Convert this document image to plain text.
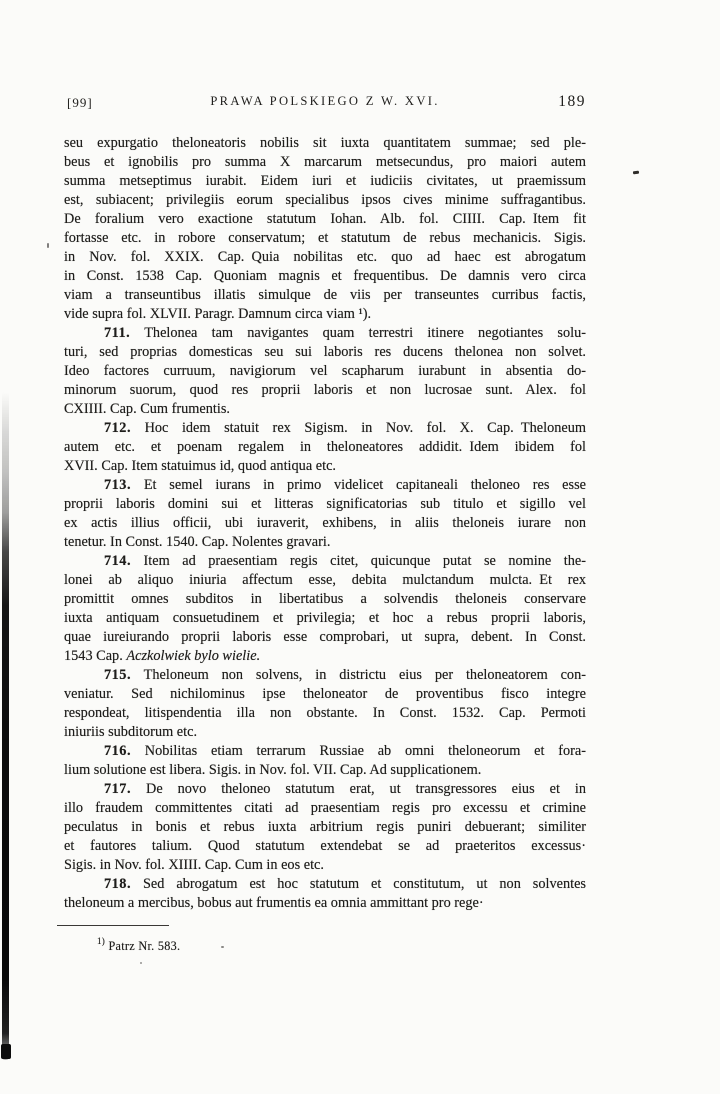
[99]	PRAWA POLSKIEGO Z W. XVI.	189
seu expurgatio theloneatoris nobilis sit iuxta quantitatem summae; sed ple-
beus et ignobilis pro summa X marcarum metsecundus, pro maiori autem
summa metseptimus iurabit. Eidem iuri et iudiciis civitates, ut praemissum
est, subiacent; privilegiis eorum specialibus ipsos cives minime suffragantibus.
De foralium vero exactione statutum Iohan. Alb. fol. CIIII. Cap. Item fit
fortasse etc. in robore conservatum; et statutum de rebus mechanicis. Sigis.
in Nov. fol. XXIX. Cap. Quia nobilitas etc. quo ad haec est abrogatum
in Const. 1538 Cap. Quoniam magnis et frequentibus. De damnis vero circa
viam a transeuntibus illatis simulque de viis per transeuntes curribus factis,
vide supra fol. XLVII. Paragr. Damnum circa viam ¹).
711. Thelonea tam navigantes quam terrestri itinere negotiantes solu-
turi, sed proprias domesticas seu sui laboris res ducens thelonea non solvet.
Ideo factores curruum, navigiorum vel scapharum iurabunt in absentia do-
minorum suorum, quod res proprii laboris et non lucrosae sunt. Alex. fol
CXIIII. Cap. Cum frumentis.
712. Hoc idem statuit rex Sigism. in Nov. fol. X. Cap. Theloneum
autem etc. et poenam regalem in theloneatores addidit. Idem ibidem fol
XVII. Cap. Item statuimus id, quod antiqua etc.
713. Et semel iurans in primo videlicet capitaneali theloneo res esse
proprii laboris domini sui et litteras significatorias sub titulo et sigillo vel
ex actis illius officii, ubi iuraverit, exhibens, in aliis theloneis iurare non
tenetur. In Const. 1540. Cap. Nolentes gravari.
714. Item ad praesentiam regis citet, quicunque putat se nomine the-
lonei ab aliquo iniuria affectum esse, debita mulctandum mulcta. Et rex
promittit omnes subditos in libertatibus a solvendis theloneis conservare
iuxta antiquam consuetudinem et privilegia; et hoc a rebus proprii laboris,
quae iureiurando proprii laboris esse comprobari, ut supra, debent. In Const.
1543 Cap. Aczkolwiek bylo wielie.
715. Theloneum non solvens, in districtu eius per theloneatorem con-
veniatur. Sed nichilominus ipse theloneator de proventibus fisco integre
respondeat, litispendentia illa non obstante. In Const. 1532. Cap. Permoti
iniuriis subditorum etc.
716. Nobilitas etiam terrarum Russiae ab omni theloneorum et fora-
lium solutione est libera. Sigis. in Nov. fol. VII. Cap. Ad supplicationem.
717. De novo theloneo statutum erat, ut transgressores eius et in
illo fraudem committentes citati ad praesentiam regis pro excessu et crimine
peculatus in bonis et rebus iuxta arbitrium regis puniri debuerant; similiter
et fautores talium. Quod statutum extendebat se ad praeteritos excessus·
Sigis. in Nov. fol. XIIII. Cap. Cum in eos etc.
718. Sed abrogatum est hoc statutum et constitutum, ut non solventes
theloneum a mercibus, bobus aut frumentis ea omnia ammittant pro rege·
$^{1)}$ Patrz Nr. 583.
